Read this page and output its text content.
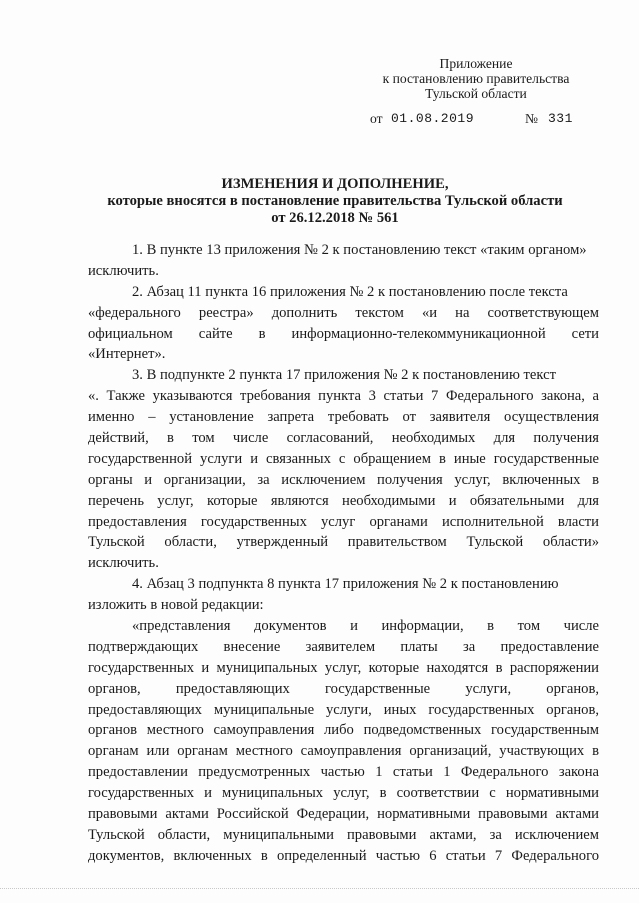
Приложение
к постановлению правительства
Тульской области
от 01.08.2019	№ 331
ИЗМЕНЕНИЯ И ДОПОЛНЕНИЕ,
которые вносятся в постановление правительства Тульской области
от 26.12.2018 № 561
1. В пункте 13 приложения № 2 к постановлению текст «таким органом»
исключить.
2. Абзац 11 пункта 16 приложения № 2 к постановлению после текста
«федерального реестра» дополнить текстом «и на соответствующем
официальном сайте в информационно-телекоммуникационной сети
«Интернет».
3. В подпункте 2 пункта 17 приложения № 2 к постановлению текст
«. Также указываются требования пункта 3 статьи 7 Федерального закона, а
именно – установление запрета требовать от заявителя осуществления
действий, в том числе согласований, необходимых для получения
государственной услуги и связанных с обращением в иные государственные
органы и организации, за исключением получения услуг, включенных в
перечень услуг, которые являются необходимыми и обязательными для
предоставления государственных услуг органами исполнительной власти
Тульской области, утвержденный правительством Тульской области»
исключить.
4. Абзац 3 подпункта 8 пункта 17 приложения № 2 к постановлению
изложить в новой редакции:
«представления документов и информации, в том числе
подтверждающих внесение заявителем платы за предоставление
государственных и муниципальных услуг, которые находятся в распоряжении
органов, предоставляющих государственные услуги, органов,
предоставляющих муниципальные услуги, иных государственных органов,
органов местного самоуправления либо подведомственных государственным
органам или органам местного самоуправления организаций, участвующих в
предоставлении предусмотренных частью 1 статьи 1 Федерального закона
государственных и муниципальных услуг, в соответствии с нормативными
правовыми актами Российской Федерации, нормативными правовыми актами
Тульской области, муниципальными правовыми актами, за исключением
документов, включенных в определенный частью 6 статьи 7 Федерального
